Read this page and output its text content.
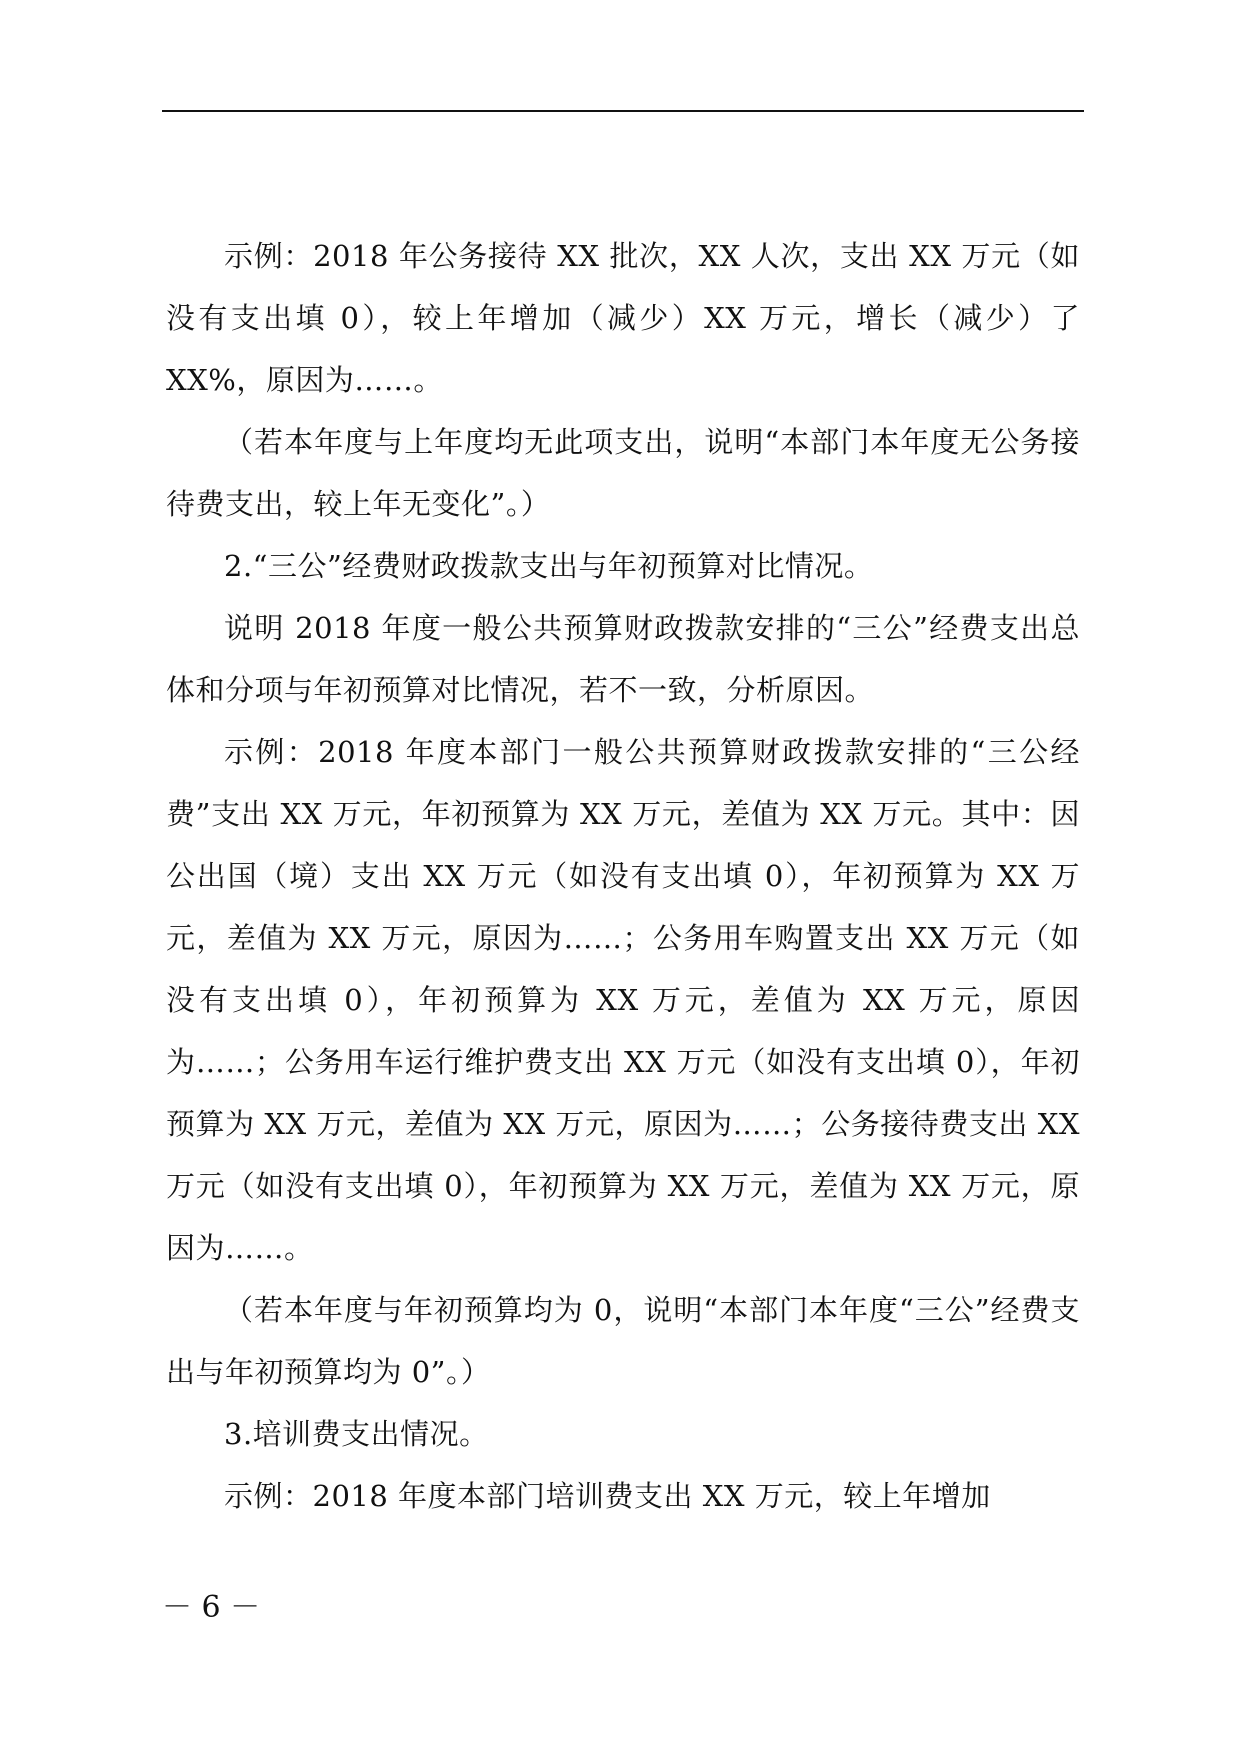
示例：2018 年公务接待 XX 批次，XX 人次，支出 XX 万元（如没有支出填 0），较上年增加（减少）XX 万元，增长（减少）了 XX%，原因为……。

（若本年度与上年度均无此项支出，说明“本部门本年度无公务接待费支出，较上年无变化”。）

2.“三公”经费财政拨款支出与年初预算对比情况。

说明 2018 年度一般公共预算财政拨款安排的“三公”经费支出总体和分项与年初预算对比情况，若不一致，分析原因。

示例：2018 年度本部门一般公共预算财政拨款安排的“三公经费”支出 XX 万元，年初预算为 XX 万元，差值为 XX 万元。其中：因公出国（境）支出 XX 万元（如没有支出填 0），年初预算为 XX 万元，差值为 XX 万元，原因为……；公务用车购置支出 XX 万元（如没有支出填 0），年初预算为 XX 万元，差值为 XX 万元，原因为……；公务用车运行维护费支出 XX 万元（如没有支出填 0），年初预算为 XX 万元，差值为 XX 万元，原因为……；公务接待费支出 XX 万元（如没有支出填 0），年初预算为 XX 万元，差值为 XX 万元，原因为……。

（若本年度与年初预算均为 0，说明“本部门本年度“三公”经费支出与年初预算均为 0”。）

3.培训费支出情况。

示例：2018 年度本部门培训费支出 XX 万元，较上年增加

－ 6 －
